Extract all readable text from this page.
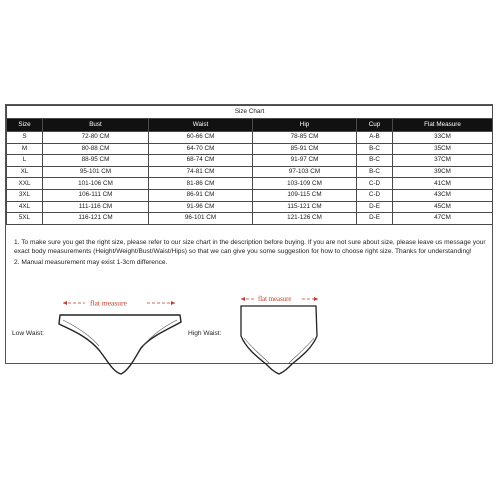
Size Chart					
Size	Bust	Waist	Hip	Cup	Flat Measure
S	72-80 CM	60-66 CM	78-85 CM	A-B	33CM
M	80-88 CM	64-70 CM	85-91 CM	B-C	35CM
L	88-95 CM	68-74 CM	91-97 CM	B-C	37CM
XL	95-101 CM	74-81 CM	97-103 CM	B-C	39CM
XXL	101-106 CM	81-86 CM	103-109 CM	C-D	41CM
3XL	106-111 CM	86-91 CM	109-115 CM	C-D	43CM
4XL	111-116 CM	91-96 CM	115-121 CM	D-E	45CM
5XL	116-121 CM	96-101 CM	121-126 CM	D-E	47CM

1. To make sure you get the right size, please refer to our size chart in the description before buying. If you are not sure about size, please leave us message your exact body measurements (Height/Weight/Bust/Waist/Hips) so that we can give you some suggestion for how to choose right size. Thanks for understanding!

2. Manual measurement may exist 1-3cm difference.

Low Waist:
flat measure
High Waist:
flat measure
